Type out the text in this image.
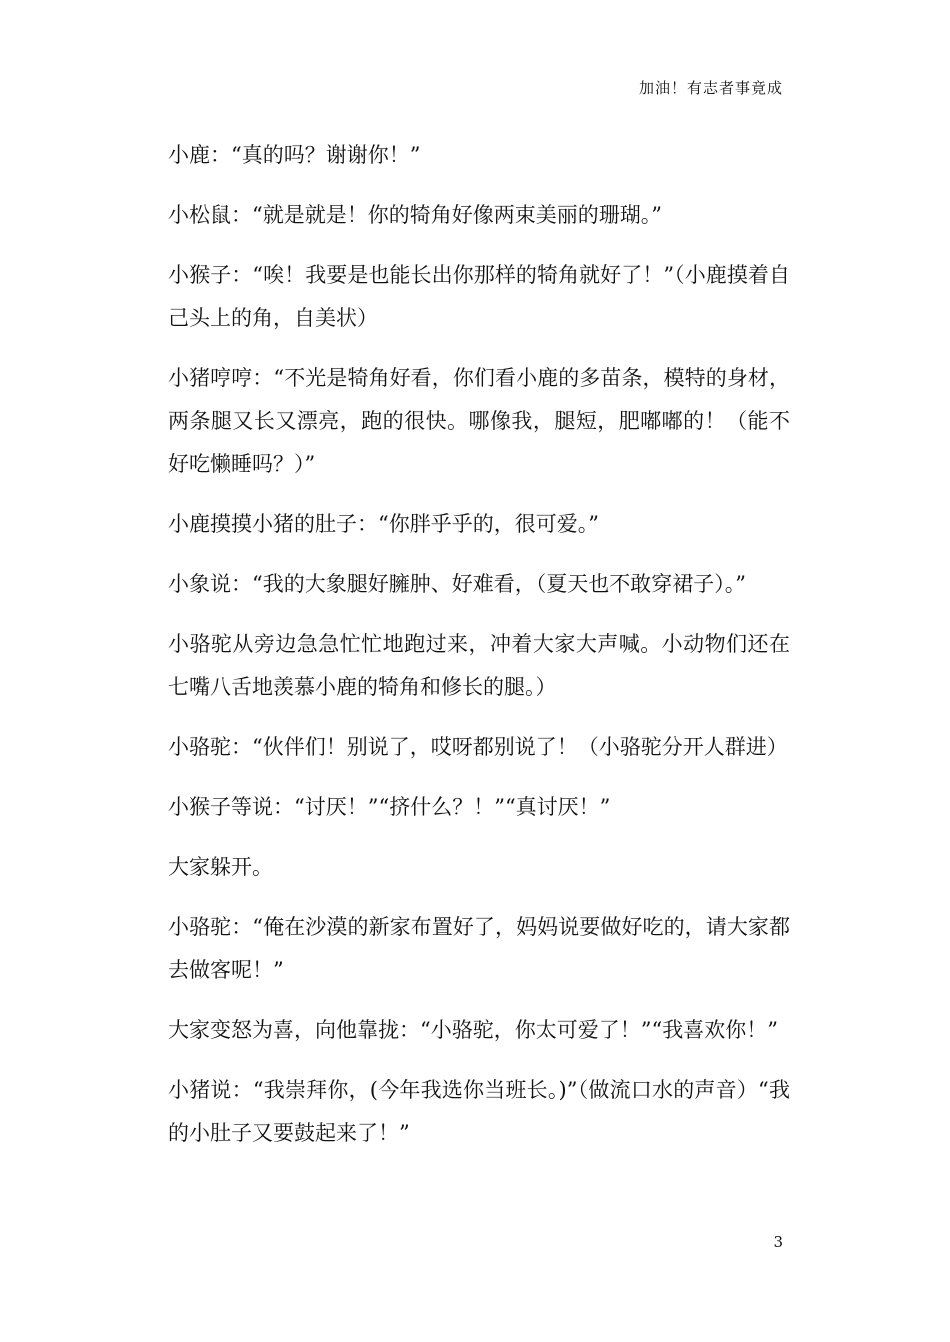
加油！有志者事竟成

小鹿：“真的吗？谢谢你！”

小松鼠：“就是就是！你的犄角好像两束美丽的珊瑚。”

小猴子：“唉！我要是也能长出你那样的犄角就好了！”（小鹿摸着自己头上的角，自美状）

小猪哼哼：“不光是犄角好看，你们看小鹿的多苗条，模特的身材，两条腿又长又漂亮，跑的很快。哪像我，腿短，肥嘟嘟的！（能不好吃懒睡吗？）”

小鹿摸摸小猪的肚子：“你胖乎乎的，很可爱。”

小象说：“我的大象腿好臃肿、好难看，（夏天也不敢穿裙子）。”

小骆驼从旁边急急忙忙地跑过来，冲着大家大声喊。小动物们还在七嘴八舌地羡慕小鹿的犄角和修长的腿。）

小骆驼：“伙伴们！别说了，哎呀都别说了！（小骆驼分开人群进）

小猴子等说：“讨厌！”“挤什么？！”“真讨厌！”

大家躲开。

小骆驼：“俺在沙漠的新家布置好了，妈妈说要做好吃的，请大家都去做客呢！”

大家变怒为喜，向他靠拢：“小骆驼，你太可爱了！”“我喜欢你！”

小猪说：“我崇拜你，(今年我选你当班长。)”（做流口水的声音）“我的小肚子又要鼓起来了！”

3
